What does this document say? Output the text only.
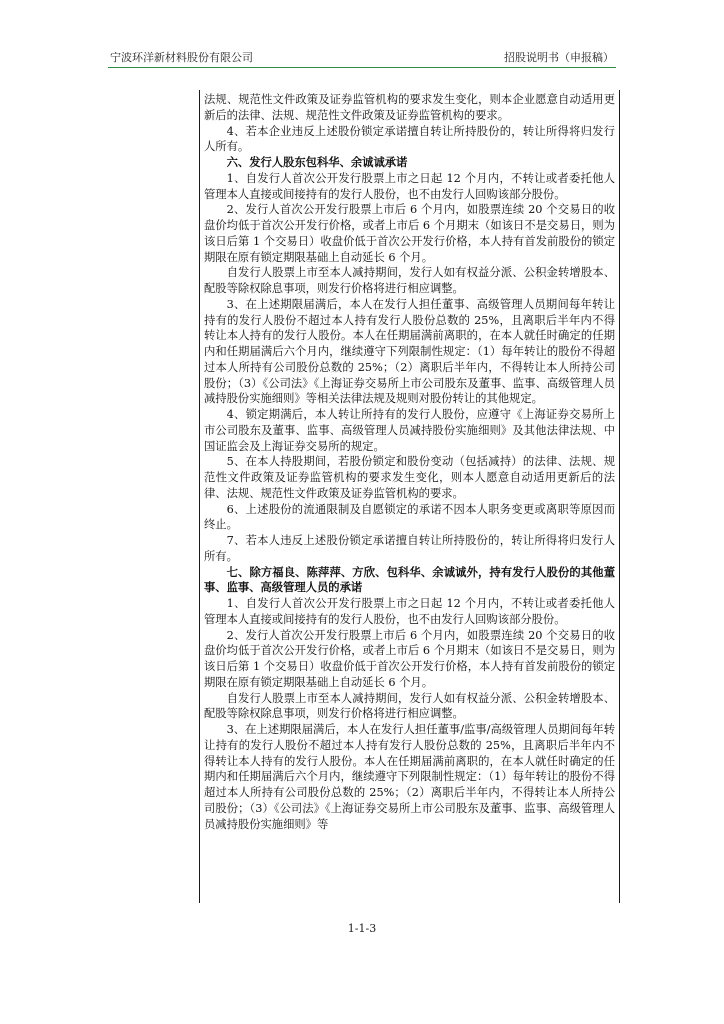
宁波环洋新材料股份有限公司	招股说明书（申报稿）

法规、规范性文件政策及证券监管机构的要求发生变化，则本企业愿意自动适用更新后的法律、法规、规范性文件政策及证券监管机构的要求。

4、若本企业违反上述股份锁定承诺擅自转让所持股份的，转让所得将归发行人所有。

六、发行人股东包科华、余诚诚承诺

1、自发行人首次公开发行股票上市之日起 12 个月内，不转让或者委托他人管理本人直接或间接持有的发行人股份，也不由发行人回购该部分股份。

2、发行人首次公开发行股票上市后 6 个月内，如股票连续 20 个交易日的收盘价均低于首次公开发行价格，或者上市后 6 个月期末（如该日不是交易日，则为该日后第 1 个交易日）收盘价低于首次公开发行价格，本人持有首发前股份的锁定期限在原有锁定期限基础上自动延长 6 个月。

自发行人股票上市至本人减持期间，发行人如有权益分派、公积金转增股本、配股等除权除息事项，则发行价格将进行相应调整。

3、在上述期限届满后，本人在发行人担任董事、高级管理人员期间每年转让持有的发行人股份不超过本人持有发行人股份总数的 25%，且离职后半年内不得转让本人持有的发行人股份。本人在任期届满前离职的，在本人就任时确定的任期内和任期届满后六个月内，继续遵守下列限制性规定：（1）每年转让的股份不得超过本人所持有公司股份总数的 25%；（2）离职后半年内，不得转让本人所持公司股份；（3）《公司法》《上海证券交易所上市公司股东及董事、监事、高级管理人员减持股份实施细则》等相关法律法规及规则对股份转让的其他规定。

4、锁定期满后，本人转让所持有的发行人股份，应遵守《上海证券交易所上市公司股东及董事、监事、高级管理人员减持股份实施细则》及其他法律法规、中国证监会及上海证券交易所的规定。

5、在本人持股期间，若股份锁定和股份变动（包括减持）的法律、法规、规范性文件政策及证券监管机构的要求发生变化，则本人愿意自动适用更新后的法律、法规、规范性文件政策及证券监管机构的要求。

6、上述股份的流通限制及自愿锁定的承诺不因本人职务变更或离职等原因而终止。

7、若本人违反上述股份锁定承诺擅自转让所持股份的，转让所得将归发行人所有。

七、除方福良、陈萍萍、方欣、包科华、余诚诚外，持有发行人股份的其他董事、监事、高级管理人员的承诺

1、自发行人首次公开发行股票上市之日起 12 个月内，不转让或者委托他人管理本人直接或间接持有的发行人股份，也不由发行人回购该部分股份。

2、发行人首次公开发行股票上市后 6 个月内，如股票连续 20 个交易日的收盘价均低于首次公开发行价格，或者上市后 6 个月期末（如该日不是交易日，则为该日后第 1 个交易日）收盘价低于首次公开发行价格，本人持有首发前股份的锁定期限在原有锁定期限基础上自动延长 6 个月。

自发行人股票上市至本人减持期间，发行人如有权益分派、公积金转增股本、配股等除权除息事项，则发行价格将进行相应调整。

3、在上述期限届满后，本人在发行人担任董事/监事/高级管理人员期间每年转让持有的发行人股份不超过本人持有发行人股份总数的 25%，且离职后半年内不得转让本人持有的发行人股份。本人在任期届满前离职的，在本人就任时确定的任期内和任期届满后六个月内，继续遵守下列限制性规定：（1）每年转让的股份不得超过本人所持有公司股份总数的 25%；（2）离职后半年内，不得转让本人所持公司股份；（3）《公司法》《上海证券交易所上市公司股东及董事、监事、高级管理人员减持股份实施细则》等

1-1-3
